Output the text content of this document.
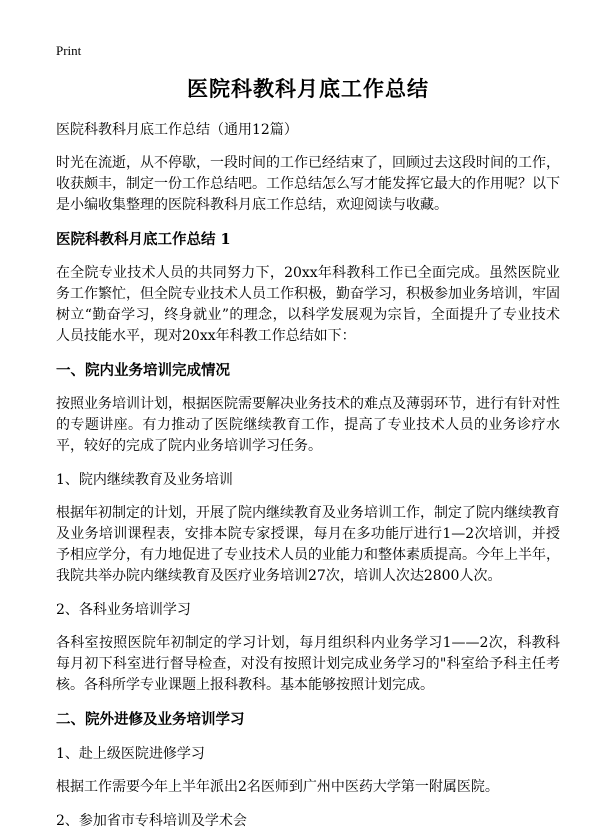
Print
医院科教科月底工作总结
医院科教科月底工作总结（通用12篇）
时光在流逝，从不停歇，一段时间的工作已经结束了，回顾过去这段时间的工作，收获颇丰，制定一份工作总结吧。工作总结怎么写才能发挥它最大的作用呢？以下是小编收集整理的医院科教科月底工作总结，欢迎阅读与收藏。
医院科教科月底工作总结 1
在全院专业技术人员的共同努力下，20xx年科教科工作已全面完成。虽然医院业务工作繁忙，但全院专业技术人员工作积极，勤奋学习，积极参加业务培训，牢固树立“勤奋学习，终身就业”的理念，以科学发展观为宗旨，全面提升了专业技术人员技能水平，现对20xx年科教工作总结如下：
一、院内业务培训完成情况
按照业务培训计划，根据医院需要解决业务技术的难点及薄弱环节，进行有针对性的专题讲座。有力推动了医院继续教育工作，提高了专业技术人员的业务诊疗水平，较好的完成了院内业务培训学习任务。
1、院内继续教育及业务培训
根据年初制定的计划，开展了院内继续教育及业务培训工作，制定了院内继续教育及业务培训课程表，安排本院专家授课，每月在多功能厅进行1—2次培训，并授予相应学分，有力地促进了专业技术人员的业能力和整体素质提高。今年上半年，我院共举办院内继续教育及医疗业务培训27次，培训人次达2800人次。
2、各科业务培训学习
各科室按照医院年初制定的学习计划，每月组织科内业务学习1——2次，科教科每月初下科室进行督导检查，对没有按照计划完成业务学习的"科室给予科主任考核。各科所学专业课题上报科教科。基本能够按照计划完成。
二、院外进修及业务培训学习
1、赴上级医院进修学习
根据工作需要今年上半年派出2名医师到广州中医药大学第一附属医院。
2、参加省市专科培训及学术会
